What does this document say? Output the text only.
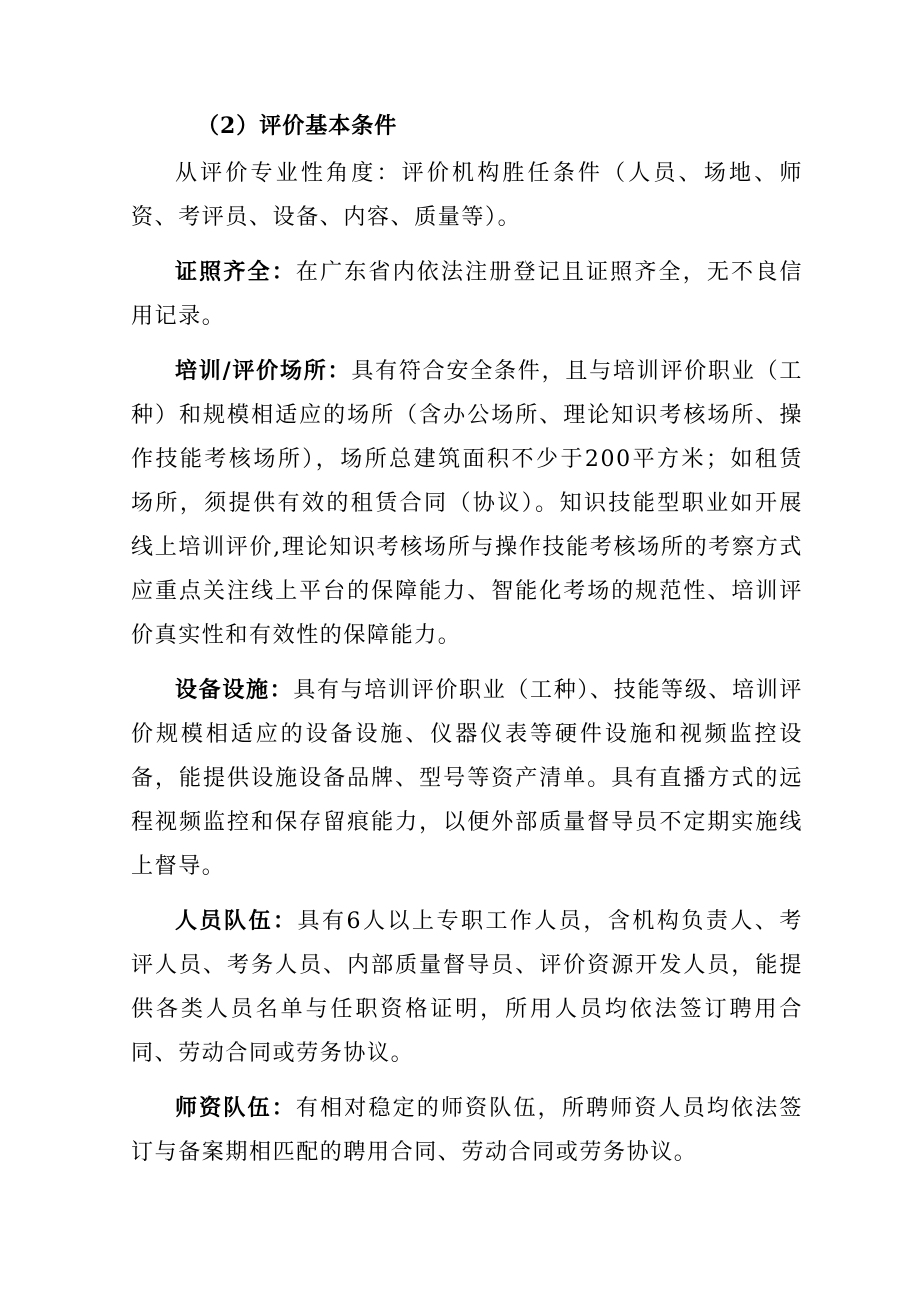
（2）评价基本条件

从评价专业性角度：评价机构胜任条件（人员、场地、师资、考评员、设备、内容、质量等）。

证照齐全：在广东省内依法注册登记且证照齐全，无不良信用记录。

培训/评价场所：具有符合安全条件，且与培训评价职业（工种）和规模相适应的场所（含办公场所、理论知识考核场所、操作技能考核场所），场所总建筑面积不少于200平方米；如租赁场所，须提供有效的租赁合同（协议）。知识技能型职业如开展线上培训评价,理论知识考核场所与操作技能考核场所的考察方式应重点关注线上平台的保障能力、智能化考场的规范性、培训评价真实性和有效性的保障能力。

设备设施：具有与培训评价职业（工种）、技能等级、培训评价规模相适应的设备设施、仪器仪表等硬件设施和视频监控设备，能提供设施设备品牌、型号等资产清单。具有直播方式的远程视频监控和保存留痕能力，以便外部质量督导员不定期实施线上督导。

人员队伍：具有6人以上专职工作人员，含机构负责人、考评人员、考务人员、内部质量督导员、评价资源开发人员，能提供各类人员名单与任职资格证明，所用人员均依法签订聘用合同、劳动合同或劳务协议。

师资队伍：有相对稳定的师资队伍，所聘师资人员均依法签订与备案期相匹配的聘用合同、劳动合同或劳务协议。
